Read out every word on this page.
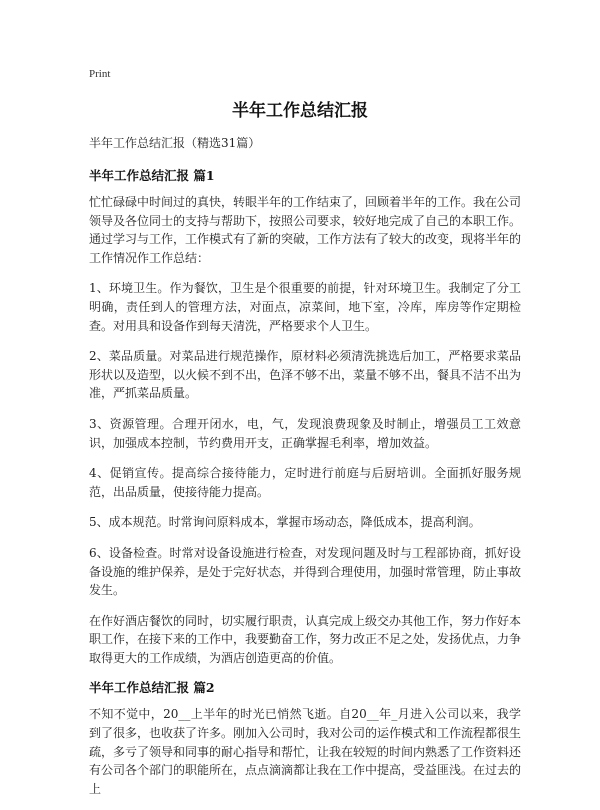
Print
半年工作总结汇报

半年工作总结汇报（精选31篇）

半年工作总结汇报 篇1

忙忙碌碌中时间过的真快，转眼半年的工作结束了，回顾着半年的工作。我在公司领导及各位同士的支持与帮助下，按照公司要求，较好地完成了自己的本职工作。通过学习与工作，工作模式有了新的突破，工作方法有了较大的改变，现将半年的工作情况作工作总结：

1、环境卫生。作为餐饮，卫生是个很重要的前提，针对环境卫生。我制定了分工明确，责任到人的管理方法，对面点，凉菜间，地下室，冷库，库房等作定期检查。对用具和设备作到每天清洗，严格要求个人卫生。

2、菜品质量。对菜品进行规范操作，原材料必须清洗挑选后加工，严格要求菜品形状以及造型，以火候不到不出，色泽不够不出，菜量不够不出，餐具不洁不出为准，严抓菜品质量。

3、资源管理。合理开闭水，电，气，发现浪费现象及时制止，增强员工工效意识，加强成本控制，节约费用开支，正确掌握毛利率，增加效益。

4、促销宣传。提高综合接待能力，定时进行前庭与后厨培训。全面抓好服务规范，出品质量，使接待能力提高。

5、成本规范。时常询问原料成本，掌握市场动态，降低成本，提高利润。

6、设备检查。时常对设备设施进行检查，对发现问题及时与工程部协商，抓好设备设施的维护保养，是处于完好状态，并得到合理使用，加强时常管理，防止事故发生。

在作好酒店餐饮的同时，切实履行职责，认真完成上级交办其他工作，努力作好本职工作，在接下来的工作中，我要勤奋工作，努力改正不足之处，发扬优点，力争取得更大的工作成绩，为酒店创造更高的价值。

半年工作总结汇报 篇2

不知不觉中，20__上半年的时光已悄然飞逝。自20__年_月进入公司以来，我学到了很多，也收获了许多。刚加入公司时，我对公司的运作模式和工作流程都很生疏，多亏了领导和同事的耐心指导和帮忙，让我在较短的时间内熟悉了工作资料还有公司各个部门的职能所在，点点滴滴都让我在工作中提高，受益匪浅。在过去的上
